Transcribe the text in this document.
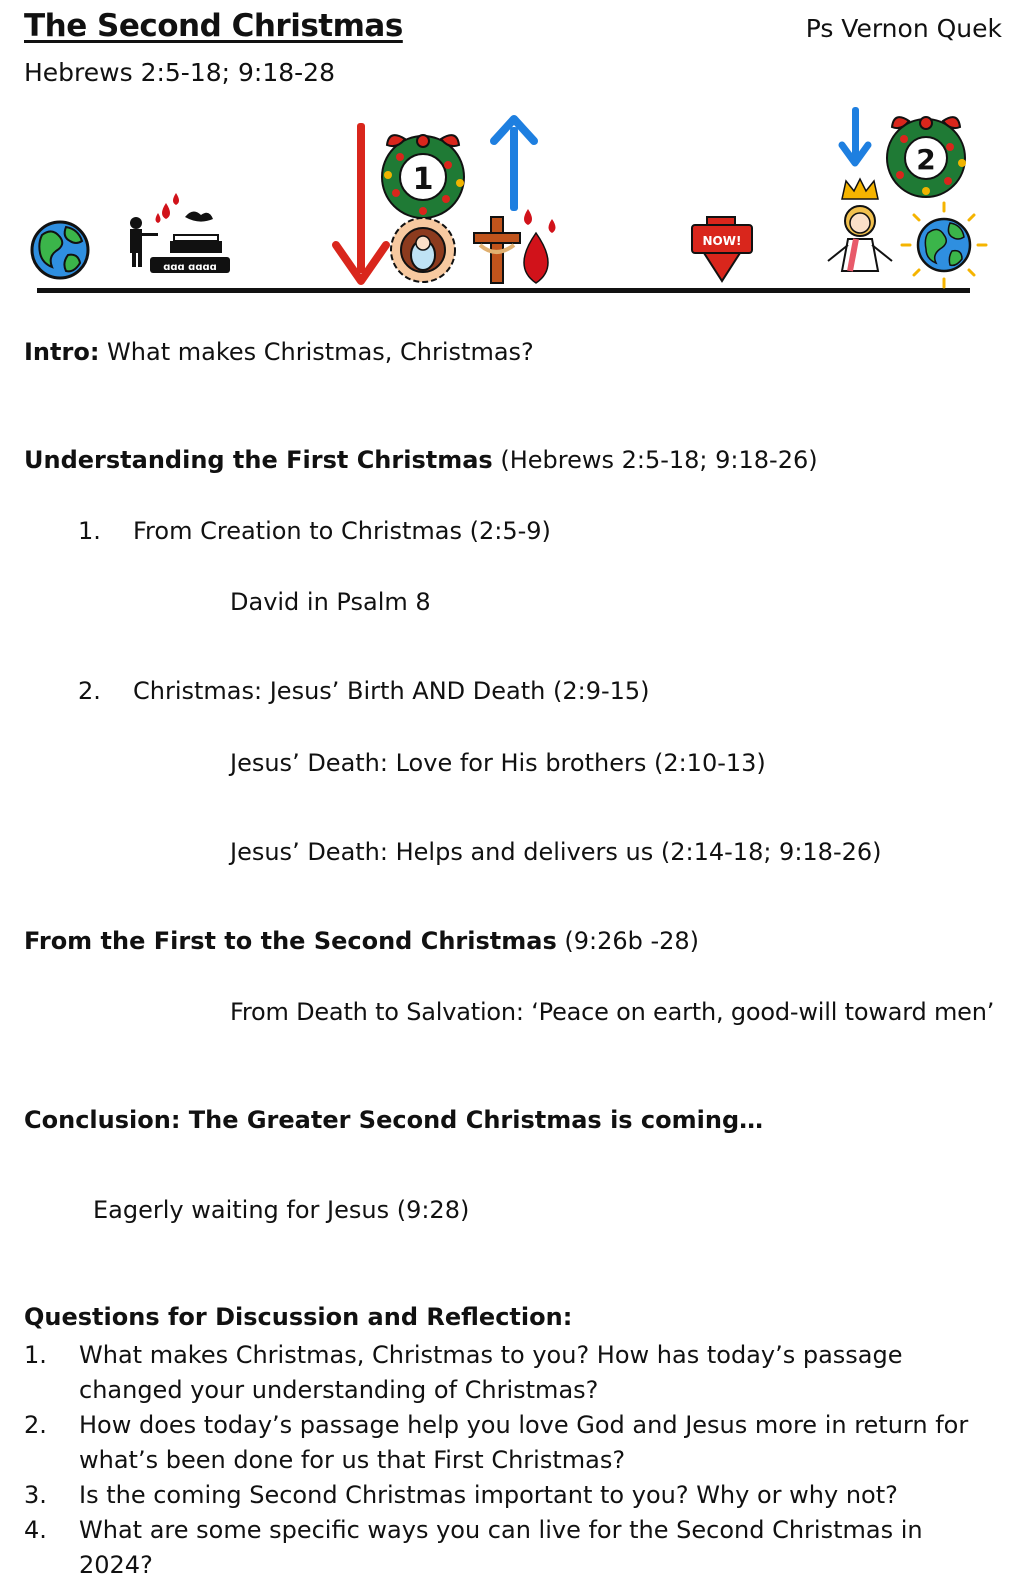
The Second Christmas	Ps Vernon Quek
Hebrews 2:5-18; 9:18-28
ɑɑɑ ɑɑɑɑ
1
NOW!
2
Intro: What makes Christmas, Christmas?
Understanding the First Christmas (Hebrews 2:5-18; 9:18-26)
1. From Creation to Christmas (2:5-9)
David in Psalm 8
2. Christmas: Jesus’ Birth AND Death (2:9-15)
Jesus’ Death: Love for His brothers (2:10-13)
Jesus’ Death: Helps and delivers us (2:14-18; 9:18-26)
From the First to the Second Christmas (9:26b -28)
From Death to Salvation: ‘Peace on earth, good-will toward men’
Conclusion: The Greater Second Christmas is coming…
Eagerly waiting for Jesus (9:28)
Questions for Discussion and Reflection:
1.	What makes Christmas, Christmas to you? How has today’s passage changed your understanding of Christmas?
2.	How does today’s passage help you love God and Jesus more in return for what’s been done for us that First Christmas?
3.	Is the coming Second Christmas important to you? Why or why not?
4.	What are some specific ways you can live for the Second Christmas in 2024?
